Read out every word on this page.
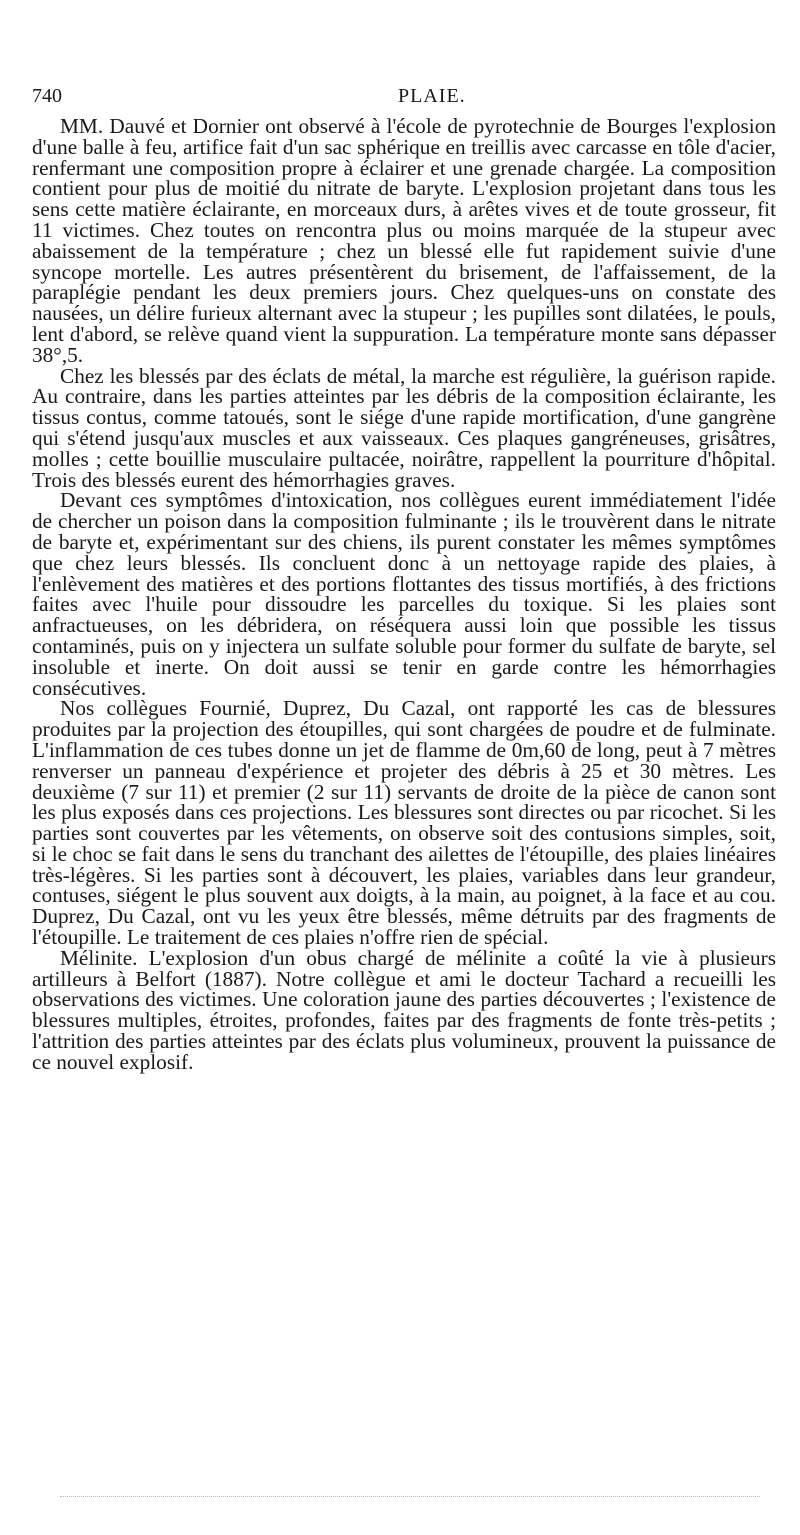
740	PLAIE.

MM. Dauvé et Dornier ont observé à l'école de pyrotechnie de Bourges l'explosion d'une balle à feu, artifice fait d'un sac sphérique en treillis avec carcasse en tôle d'acier, renfermant une composition propre à éclairer et une grenade chargée. La composition contient pour plus de moitié du nitrate de baryte. L'explosion projetant dans tous les sens cette matière éclairante, en morceaux durs, à arêtes vives et de toute grosseur, fit 11 victimes. Chez toutes on rencontra plus ou moins marquée de la stupeur avec abaissement de la température ; chez un blessé elle fut rapidement suivie d'une syncope mortelle. Les autres présentèrent du brisement, de l'affaissement, de la paraplégie pendant les deux premiers jours. Chez quelques-uns on constate des nausées, un délire furieux alternant avec la stupeur ; les pupilles sont dilatées, le pouls, lent d'abord, se relève quand vient la suppuration. La température monte sans dépasser 38°,5.

Chez les blessés par des éclats de métal, la marche est régulière, la guérison rapide. Au contraire, dans les parties atteintes par les débris de la composition éclairante, les tissus contus, comme tatoués, sont le siége d'une rapide mortification, d'une gangrène qui s'étend jusqu'aux muscles et aux vaisseaux. Ces plaques gangréneuses, grisâtres, molles ; cette bouillie musculaire pultacée, noirâtre, rappellent la pourriture d'hôpital. Trois des blessés eurent des hémorrhagies graves.

Devant ces symptômes d'intoxication, nos collègues eurent immédiatement l'idée de chercher un poison dans la composition fulminante ; ils le trouvèrent dans le nitrate de baryte et, expérimentant sur des chiens, ils purent constater les mêmes symptômes que chez leurs blessés. Ils concluent donc à un nettoyage rapide des plaies, à l'enlèvement des matières et des portions flottantes des tissus mortifiés, à des frictions faites avec l'huile pour dissoudre les parcelles du toxique. Si les plaies sont anfractueuses, on les débridera, on réséquera aussi loin que possible les tissus contaminés, puis on y injectera un sulfate soluble pour former du sulfate de baryte, sel insoluble et inerte. On doit aussi se tenir en garde contre les hémorrhagies consécutives.

Nos collègues Fournié, Duprez, Du Cazal, ont rapporté les cas de blessures produites par la projection des étoupilles, qui sont chargées de poudre et de fulminate. L'inflammation de ces tubes donne un jet de flamme de 0m,60 de long, peut à 7 mètres renverser un panneau d'expérience et projeter des débris à 25 et 30 mètres. Les deuxième (7 sur 11) et premier (2 sur 11) servants de droite de la pièce de canon sont les plus exposés dans ces projections. Les blessures sont directes ou par ricochet. Si les parties sont couvertes par les vêtements, on observe soit des contusions simples, soit, si le choc se fait dans le sens du tranchant des ailettes de l'étoupille, des plaies linéaires très-légères. Si les parties sont à découvert, les plaies, variables dans leur grandeur, contuses, siégent le plus souvent aux doigts, à la main, au poignet, à la face et au cou. Duprez, Du Cazal, ont vu les yeux être blessés, même détruits par des fragments de l'étoupille. Le traitement de ces plaies n'offre rien de spécial.

Mélinite. L'explosion d'un obus chargé de mélinite a coûté la vie à plusieurs artilleurs à Belfort (1887). Notre collègue et ami le docteur Tachard a recueilli les observations des victimes. Une coloration jaune des parties découvertes ; l'existence de blessures multiples, étroites, profondes, faites par des fragments de fonte très-petits ; l'attrition des parties atteintes par des éclats plus volumineux, prouvent la puissance de ce nouvel explosif.
